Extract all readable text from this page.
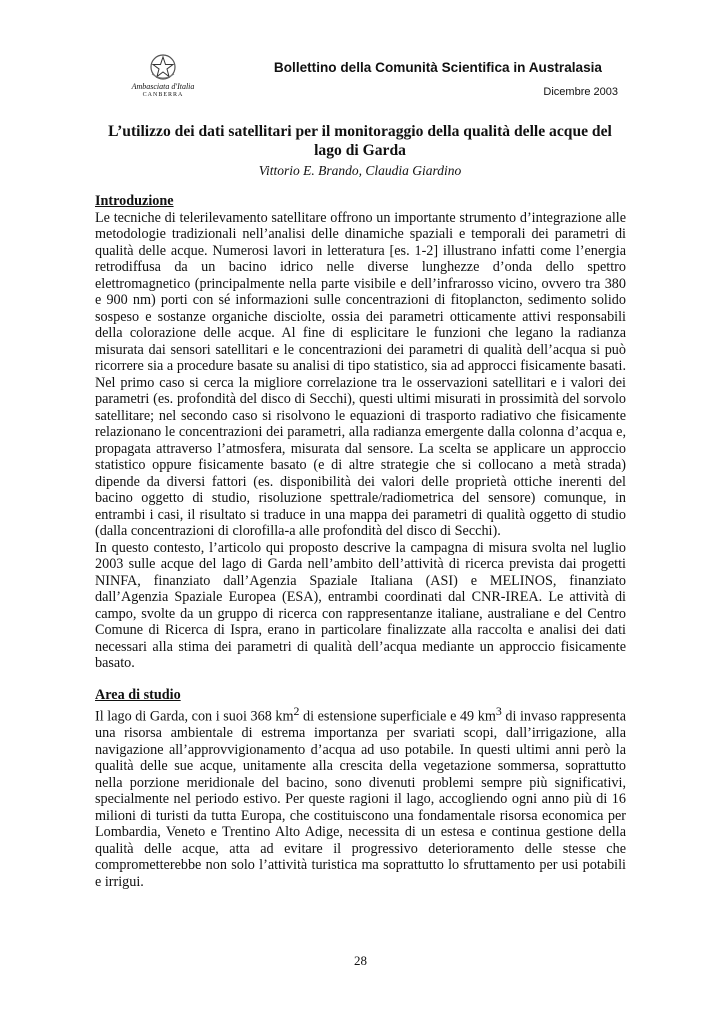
Ambasciata d'Italia
CANBERRA
Bollettino della Comunità Scientifica in Australasia
Dicembre 2003
L’utilizzo dei dati satellitari per il monitoraggio della qualità delle acque del lago di Garda
Vittorio E. Brando, Claudia Giardino
Introduzione

Le tecniche di telerilevamento satellitare offrono un importante strumento d’integrazione alle metodologie tradizionali nell’analisi delle dinamiche spaziali e temporali dei parametri di qualità delle acque. Numerosi lavori in letteratura [es. 1-2] illustrano infatti come l’energia retrodiffusa da un bacino idrico nelle diverse lunghezze d’onda dello spettro elettromagnetico (principalmente nella parte visibile e dell’infrarosso vicino, ovvero tra 380 e 900 nm) porti con sé informazioni sulle concentrazioni di fitoplancton, sedimento solido sospeso e sostanze organiche disciolte, ossia dei parametri otticamente attivi responsabili della colorazione delle acque. Al fine di esplicitare le funzioni che legano la radianza misurata dai sensori satellitari e le concentrazioni dei parametri di qualità dell’acqua si può ricorrere sia a procedure basate su analisi di tipo statistico, sia ad approcci fisicamente basati. Nel primo caso si cerca la migliore correlazione tra le osservazioni satellitari e i valori dei parametri (es. profondità del disco di Secchi), questi ultimi misurati in prossimità del sorvolo satellitare; nel secondo caso si risolvono le equazioni di trasporto radiativo che fisicamente relazionano le concentrazioni dei parametri, alla radianza emergente dalla colonna d’acqua e, propagata attraverso l’atmosfera, misurata dal sensore. La scelta se applicare un approccio statistico oppure fisicamente basato (e di altre strategie che si collocano a metà strada) dipende da diversi fattori (es. disponibilità dei valori delle proprietà ottiche inerenti del bacino oggetto di studio, risoluzione spettrale/radiometrica del sensore) comunque, in entrambi i casi, il risultato si traduce in una mappa dei parametri di qualità oggetto di studio (dalla concentrazioni di clorofilla-a alle profondità del disco di Secchi).

In questo contesto, l’articolo qui proposto descrive la campagna di misura svolta nel luglio 2003 sulle acque del lago di Garda nell’ambito dell’attività di ricerca prevista dai progetti NINFA, finanziato dall’Agenzia Spaziale Italiana (ASI) e MELINOS, finanziato dall’Agenzia Spaziale Europea (ESA), entrambi coordinati dal CNR-IREA. Le attività di campo, svolte da un gruppo di ricerca con rappresentanze italiane, australiane e del Centro Comune di Ricerca di Ispra, erano in particolare finalizzate alla raccolta e analisi dei dati necessari alla stima dei parametri di qualità dell’acqua mediante un approccio fisicamente basato.

Area di studio

Il lago di Garda, con i suoi 368 $km^2$ di estensione superficiale e 49 $km^3$ di invaso rappresenta una risorsa ambientale di estrema importanza per svariati scopi, dall’irrigazione, alla navigazione all’approvvigionamento d’acqua ad uso potabile. In questi ultimi anni però la qualità delle sue acque, unitamente alla crescita della vegetazione sommersa, soprattutto nella porzione meridionale del bacino, sono divenuti problemi sempre più significativi, specialmente nel periodo estivo. Per queste ragioni il lago, accogliendo ogni anno più di 16 milioni di turisti da tutta Europa, che costituiscono una fondamentale risorsa economica per Lombardia, Veneto e Trentino Alto Adige, necessita di un estesa e continua gestione della qualità delle acque, atta ad evitare il progressivo deterioramento delle stesse che comprometterebbe non solo l’attività turistica ma soprattutto lo sfruttamento per usi potabili e irrigui.

28
